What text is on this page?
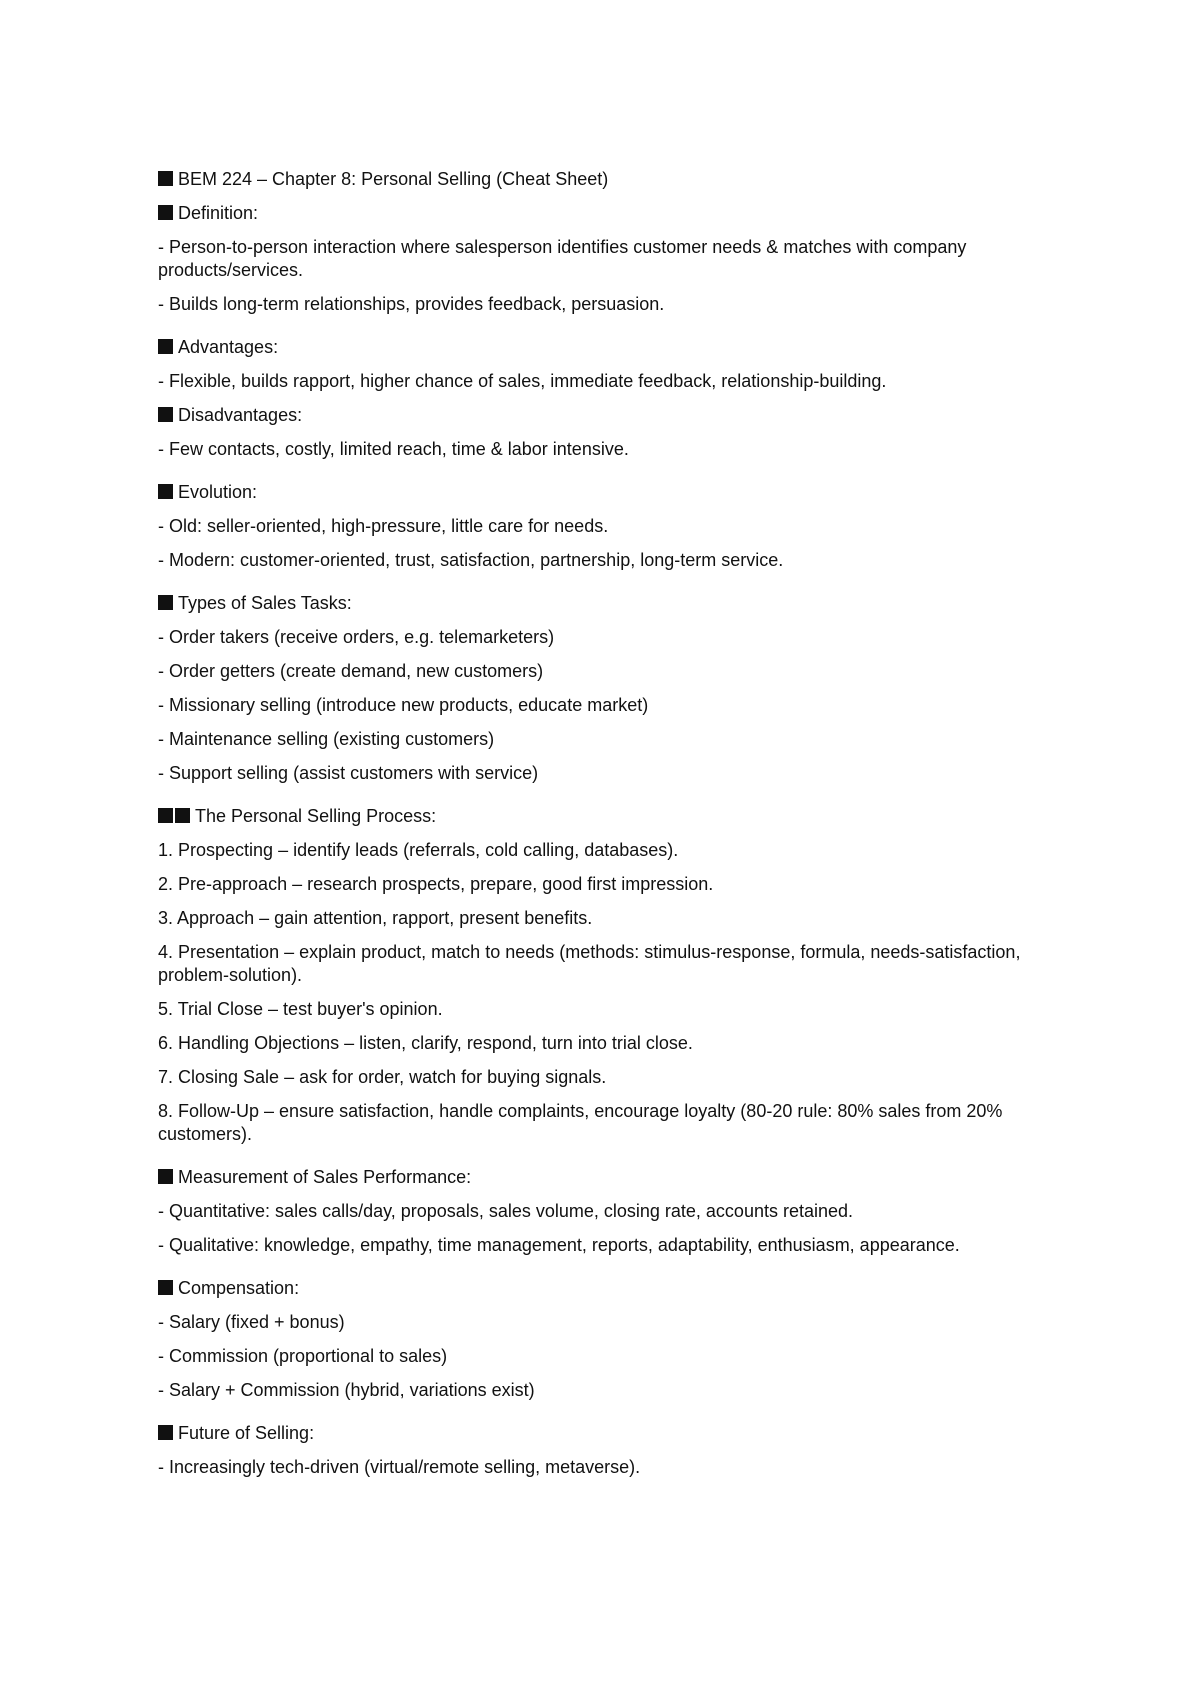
BEM 224 – Chapter 8: Personal Selling (Cheat Sheet)
Definition:
- Person-to-person interaction where salesperson identifies customer needs & matches with company products/services.
- Builds long-term relationships, provides feedback, persuasion.
Advantages:
- Flexible, builds rapport, higher chance of sales, immediate feedback, relationship-building.
Disadvantages:
- Few contacts, costly, limited reach, time & labor intensive.
Evolution:
- Old: seller-oriented, high-pressure, little care for needs.
- Modern: customer-oriented, trust, satisfaction, partnership, long-term service.
Types of Sales Tasks:
- Order takers (receive orders, e.g. telemarketers)
- Order getters (create demand, new customers)
- Missionary selling (introduce new products, educate market)
- Maintenance selling (existing customers)
- Support selling (assist customers with service)
The Personal Selling Process:
1. Prospecting – identify leads (referrals, cold calling, databases).
2. Pre-approach – research prospects, prepare, good first impression.
3. Approach – gain attention, rapport, present benefits.
4. Presentation – explain product, match to needs (methods: stimulus-response, formula, needs-satisfaction, problem-solution).
5. Trial Close – test buyer's opinion.
6. Handling Objections – listen, clarify, respond, turn into trial close.
7. Closing Sale – ask for order, watch for buying signals.
8. Follow-Up – ensure satisfaction, handle complaints, encourage loyalty (80-20 rule: 80% sales from 20% customers).
Measurement of Sales Performance:
- Quantitative: sales calls/day, proposals, sales volume, closing rate, accounts retained.
- Qualitative: knowledge, empathy, time management, reports, adaptability, enthusiasm, appearance.
Compensation:
- Salary (fixed + bonus)
- Commission (proportional to sales)
- Salary + Commission (hybrid, variations exist)
Future of Selling:
- Increasingly tech-driven (virtual/remote selling, metaverse).
